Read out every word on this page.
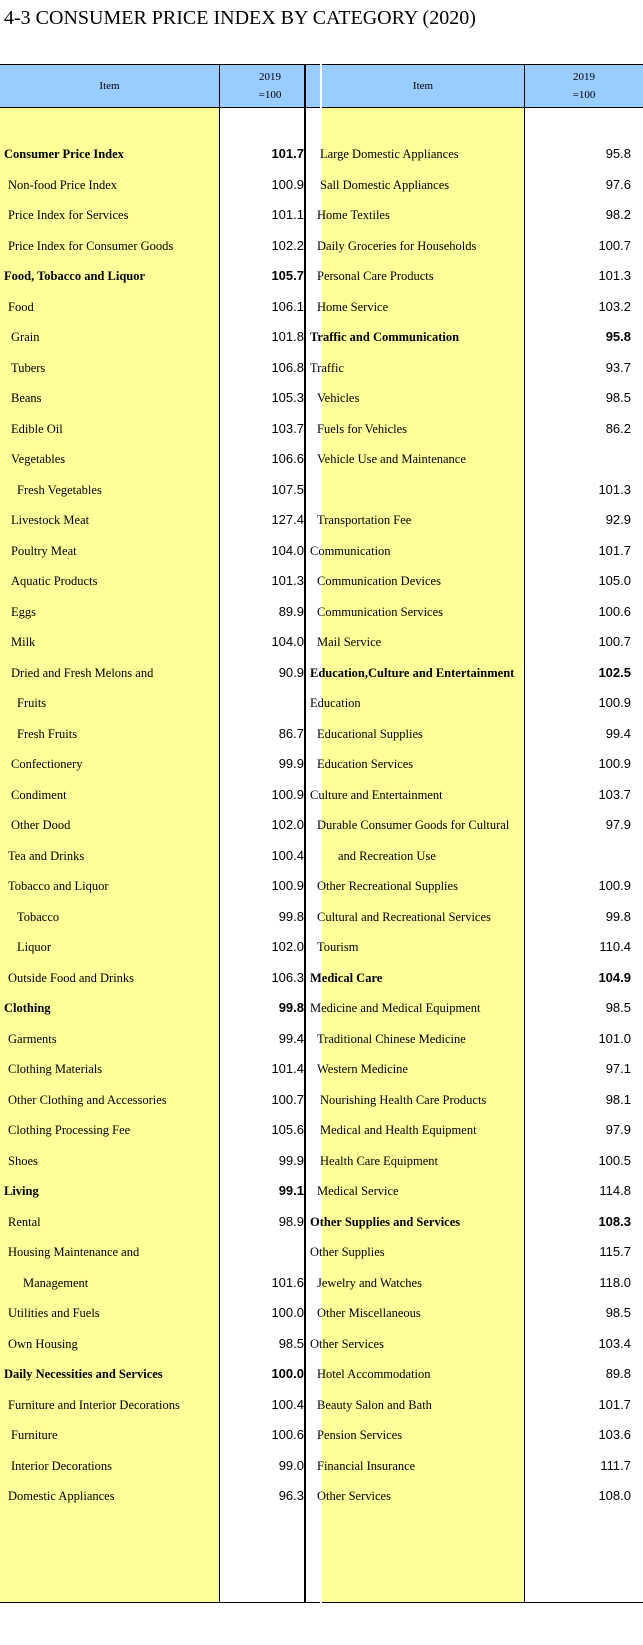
4-3 CONSUMER PRICE INDEX BY CATEGORY (2020)
Item
2019
=100
Consumer Price Index	101.7
Non-food Price Index	100.9
Price Index for Services	101.1
Price Index for Consumer Goods	102.2
Food, Tobacco and Liquor	105.7
Food	106.1
Grain	101.8
Tubers	106.8
Beans	105.3
Edible Oil	103.7
Vegetables	106.6
Fresh Vegetables	107.5
Livestock Meat	127.4
Poultry Meat	104.0
Aquatic Products	101.3
Eggs	89.9
Milk	104.0
Dried and Fresh Melons and	90.9
Fruits
Fresh Fruits	86.7
Confectionery	99.9
Condiment	100.9
Other Dood	102.0
Tea and Drinks	100.4
Tobacco and Liquor	100.9
Tobacco	99.8
Liquor	102.0
Outside Food and Drinks	106.3
Clothing	99.8
Garments	99.4
Clothing Materials	101.4
Other Clothing and Accessories	100.7
Clothing Processing Fee	105.6
Shoes	99.9
Living	99.1
Rental	98.9
Housing Maintenance and
Management	101.6
Utilities and Fuels	100.0
Own Housing	98.5
Daily Necessities and Services	100.0
Furniture and Interior Decorations	100.4
Furniture	100.6
Interior Decorations	99.0
Domestic Appliances	96.3
Item
2019
=100
Large Domestic Appliances	95.8
Sall Domestic Appliances	97.6
Home Textiles	98.2
Daily Groceries for Households	100.7
Personal Care Products	101.3
Home Service	103.2
Traffic and Communication	95.8
Traffic	93.7
Vehicles	98.5
Fuels for Vehicles	86.2
Vehicle Use and Maintenance
101.3
Transportation Fee	92.9
Communication	101.7
Communication Devices	105.0
Communication Services	100.6
Mail Service	100.7
Education,Culture and Entertainment	102.5
Education	100.9
Educational Supplies	99.4
Education Services	100.9
Culture and Entertainment	103.7
Durable Consumer Goods for Cultural	97.9
and Recreation Use
Other Recreational Supplies	100.9
Cultural and Recreational Services	99.8
Tourism	110.4
Medical Care	104.9
Medicine and Medical Equipment	98.5
Traditional Chinese Medicine	101.0
Western Medicine	97.1
Nourishing Health Care Products	98.1
Medical and Health Equipment	97.9
Health Care Equipment	100.5
Medical Service	114.8
Other Supplies and Services	108.3
Other Supplies	115.7
Jewelry and Watches	118.0
Other Miscellaneous	98.5
Other Services	103.4
Hotel Accommodation	89.8
Beauty Salon and Bath	101.7
Pension Services	103.6
Financial Insurance	111.7
Other Services	108.0
